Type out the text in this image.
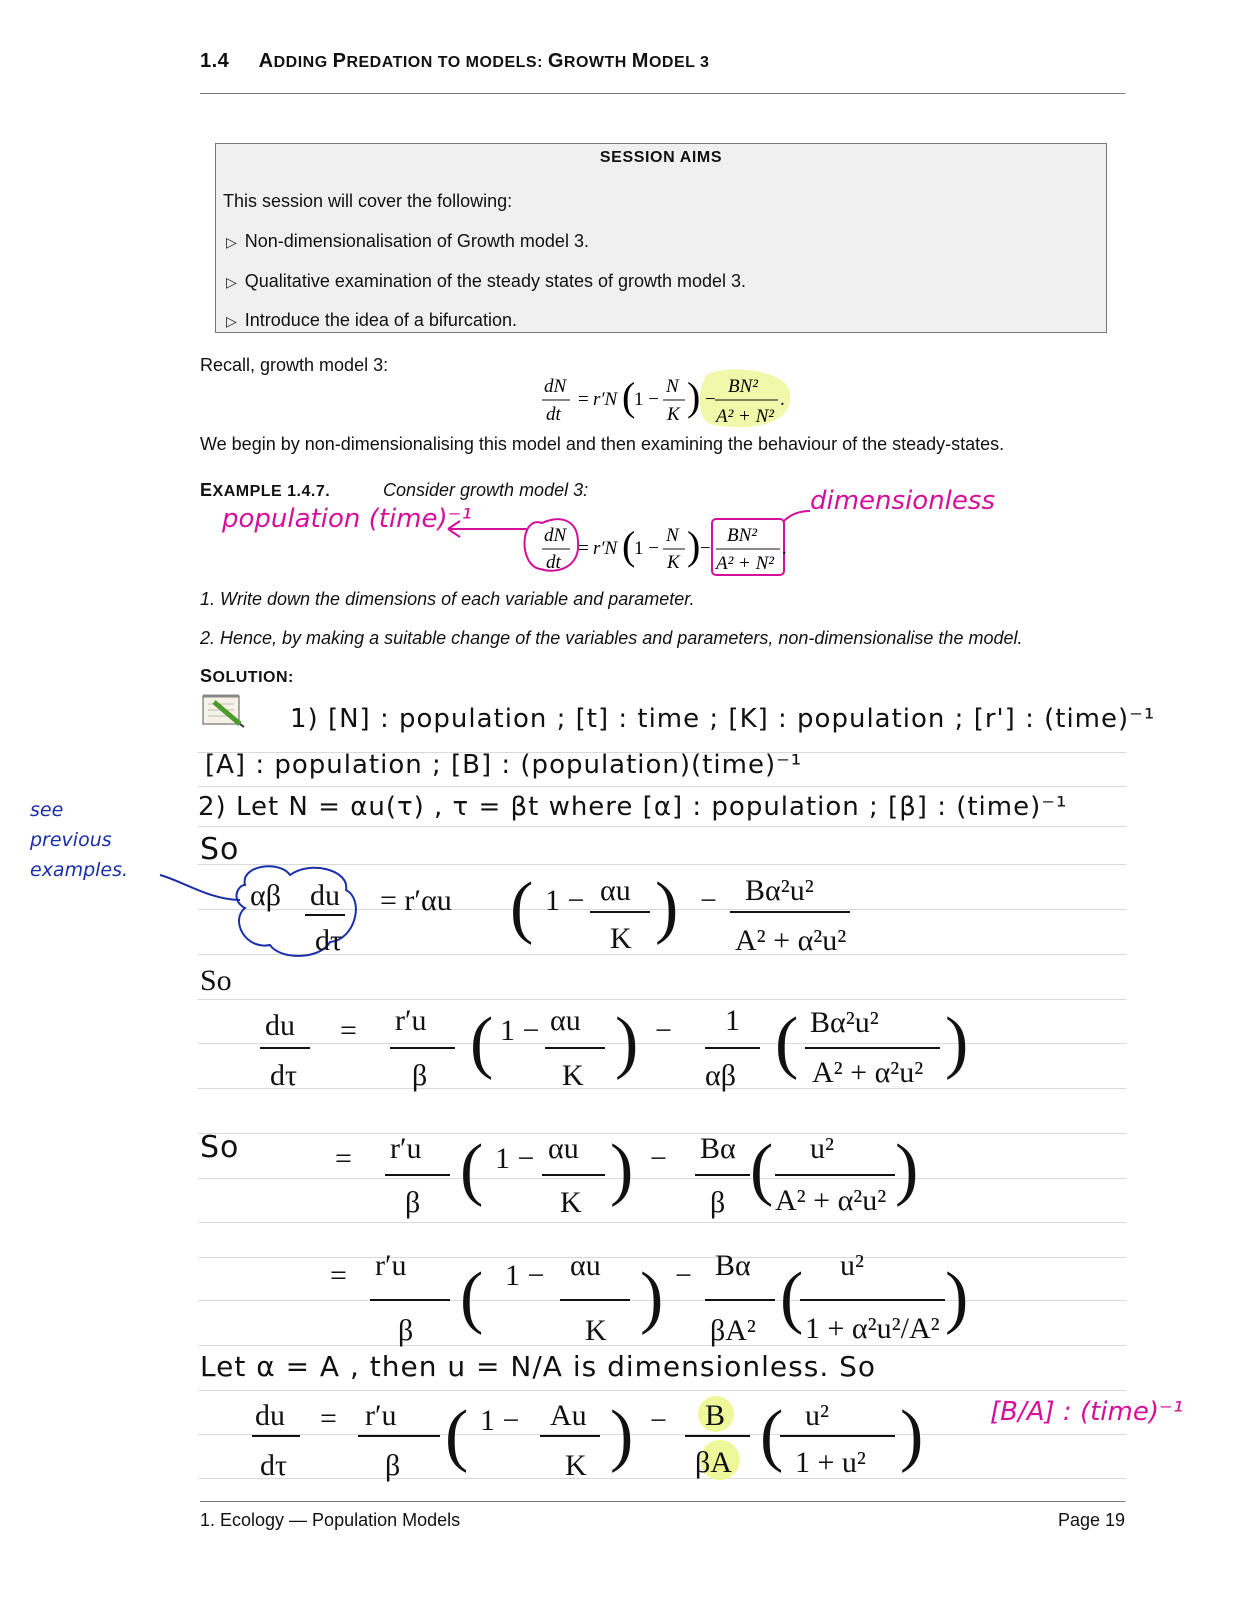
1.4 ADDING PREDATION TO MODELS: GROWTH MODEL 3
SESSION AIMS
This session will cover the following:
▷ Non-dimensionalisation of Growth model 3.
▷ Qualitative examination of the steady states of growth model 3.
▷ Introduce the idea of a bifurcation.
Recall, growth model 3:
dN
dt
= r′N (
1 −
N
K ) −
BN²
A² + N²
.
We begin by non-dimensionalising this model and then examining the behaviour of the steady-states.
EXAMPLE 1.4.7.	Consider growth model 3:
population (time)⁻¹
dimensionless
dN
dt
= r′N (
1 −
N
K ) −
BN²
A² + N²
.
1. Write down the dimensions of each variable and parameter.
2. Hence, by making a suitable change of the variables and parameters, non-dimensionalise the model.
SOLUTION:
1) [N] : population ; [t] : time ; [K] : population ; [r'] : (time)⁻¹
[A] : population ; [B] : (population)(time)⁻¹
2) Let N = αu(τ) , τ = βt where [α] : population ; [β] : (time)⁻¹
So
see
previous
examples.
αβ du
dτ
= r′αu ( 1 − αu
K ) − Bα²u²
A² + α²u²
So
du
dτ
= r′u
β ( 1 − αu
K ) − 1
αβ ( Bα²u²
A² + α²u² )
= r′u
β ( 1 − αu
K ) − Bα
β ( u²
A² + α²u² )
= r′u
β ( 1 − αu
K ) − Bα
βA² ( u²
1 + α²u²/A² )
So
Let α = A , then u = N/A is dimensionless. So
du
dτ
= r′u
β ( 1 − Au
K ) − B
βA ( u²
1 + u² )	[B/A] : (time)⁻¹
1. Ecology — Population Models	Page 19
